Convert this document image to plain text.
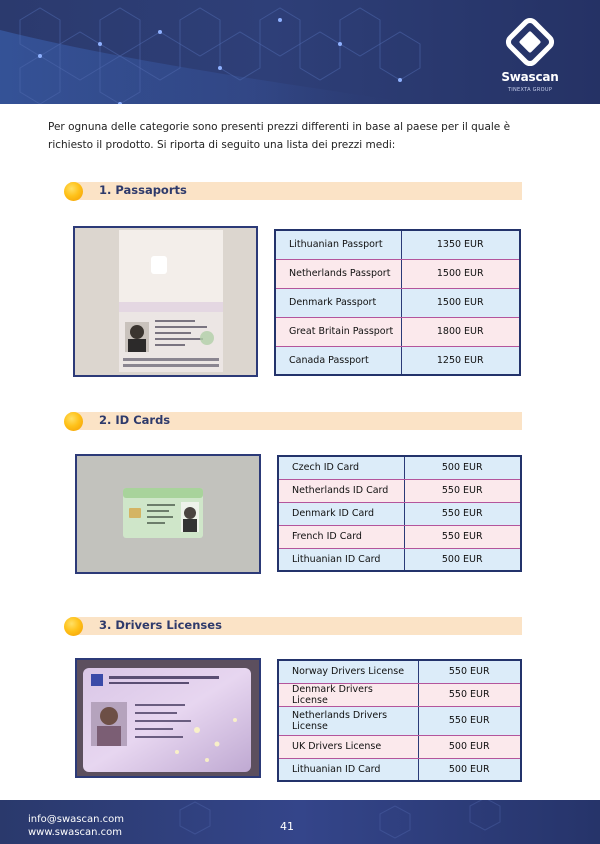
Swascan
TINEXTA GROUP

Per ognuna delle categorie sono presenti prezzi differenti in base al paese per il quale è richiesto il prodotto. Si riporta di seguito una lista dei prezzi medi:

1. Passaports
Lithuanian Passport	1350 EUR
Netherlands Passport	1500 EUR
Denmark Passport	1500 EUR
Great Britain Passport	1800 EUR
Canada Passport	1250 EUR
2. ID Cards
Czech ID Card	500 EUR
Netherlands ID Card	550 EUR
Denmark ID Card	550 EUR
French ID Card	550 EUR
Lithuanian ID Card	500 EUR
3. Drivers Licenses
Norway Drivers License	550 EUR
Denmark Drivers License	550 EUR
Netherlands Drivers License	550 EUR
UK Drivers License	500 EUR
Lithuanian ID Card	500 EUR
info@swascan.com
www.swascan.com	41
